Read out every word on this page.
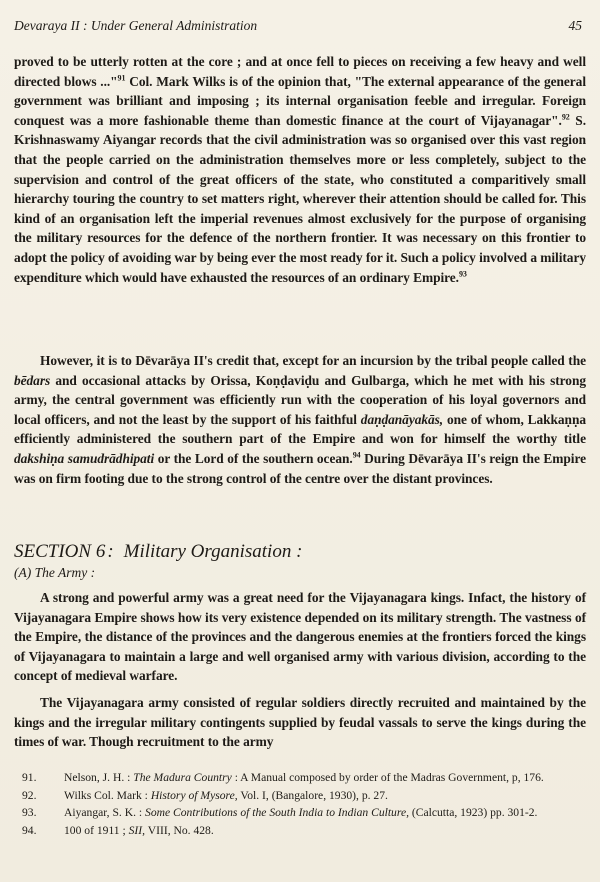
Devaraya II : Under General Administration	45

proved to be utterly rotten at the core ; and at once fell to pieces on receiving a few heavy and well directed blows ..."$^{91}$ Col. Mark Wilks is of the opinion that, "The external appearance of the general government was brilliant and imposing ; its internal organisation feeble and irregular. Foreign conquest was a more fashionable theme than domestic finance at the court of Vijayanagar".$^{92}$ S. Krishnaswamy Aiyangar records that the civil administration was so organised over this vast region that the people carried on the administration themselves more or less completely, subject to the supervision and control of the great officers of the state, who constituted a comparitively small hierarchy touring the country to set matters right, wherever their attention should be called for. This kind of an organisation left the imperial revenues almost exclusively for the purpose of organising the military resources for the defence of the northern frontier. It was necessary on this frontier to adopt the policy of avoiding war by being ever the most ready for it. Such a policy involved a military expenditure which would have exhausted the resources of an ordinary Empire.$^{93}$

However, it is to Dēvarāya II's credit that, except for an incursion by the tribal people called the bēdars and occasional attacks by Orissa, Koṇḍaviḍu and Gulbarga, which he met with his strong army, the central government was efficiently run with the cooperation of his loyal governors and local officers, and not the least by the support of his faithful daṇḍanāyakās, one of whom, Lakkaṇṇa efficiently administered the southern part of the Empire and won for himself the worthy title dakshiṇa samudrādhipati or the Lord of the southern ocean.$^{94}$ During Dēvarāya II's reign the Empire was on firm footing due to the strong control of the centre over the distant provinces.

SECTION 6 : Military Organisation :
(A) The Army :

A strong and powerful army was a great need for the Vijayanagara kings. Infact, the history of Vijayanagara Empire shows how its very existence depended on its military strength. The vastness of the Empire, the distance of the provinces and the dangerous enemies at the frontiers forced the kings of Vijayanagara to maintain a large and well organised army with various division, according to the concept of medieval warfare.

The Vijayanagara army consisted of regular soldiers directly recruited and maintained by the kings and the irregular military contingents supplied by feudal vassals to serve the kings during the times of war. Though recruitment to the army

91.	Nelson, J. H. : The Madura Country : A Manual composed by order of the Madras Government, p, 176.
92.	Wilks Col. Mark : History of Mysore, Vol. I, (Bangalore, 1930), p. 27.
93.	Aiyangar, S. K. : Some Contributions of the South India to Indian Culture, (Calcutta, 1923) pp. 301-2.
94.	100 of 1911 ; SII, VIII, No. 428.
